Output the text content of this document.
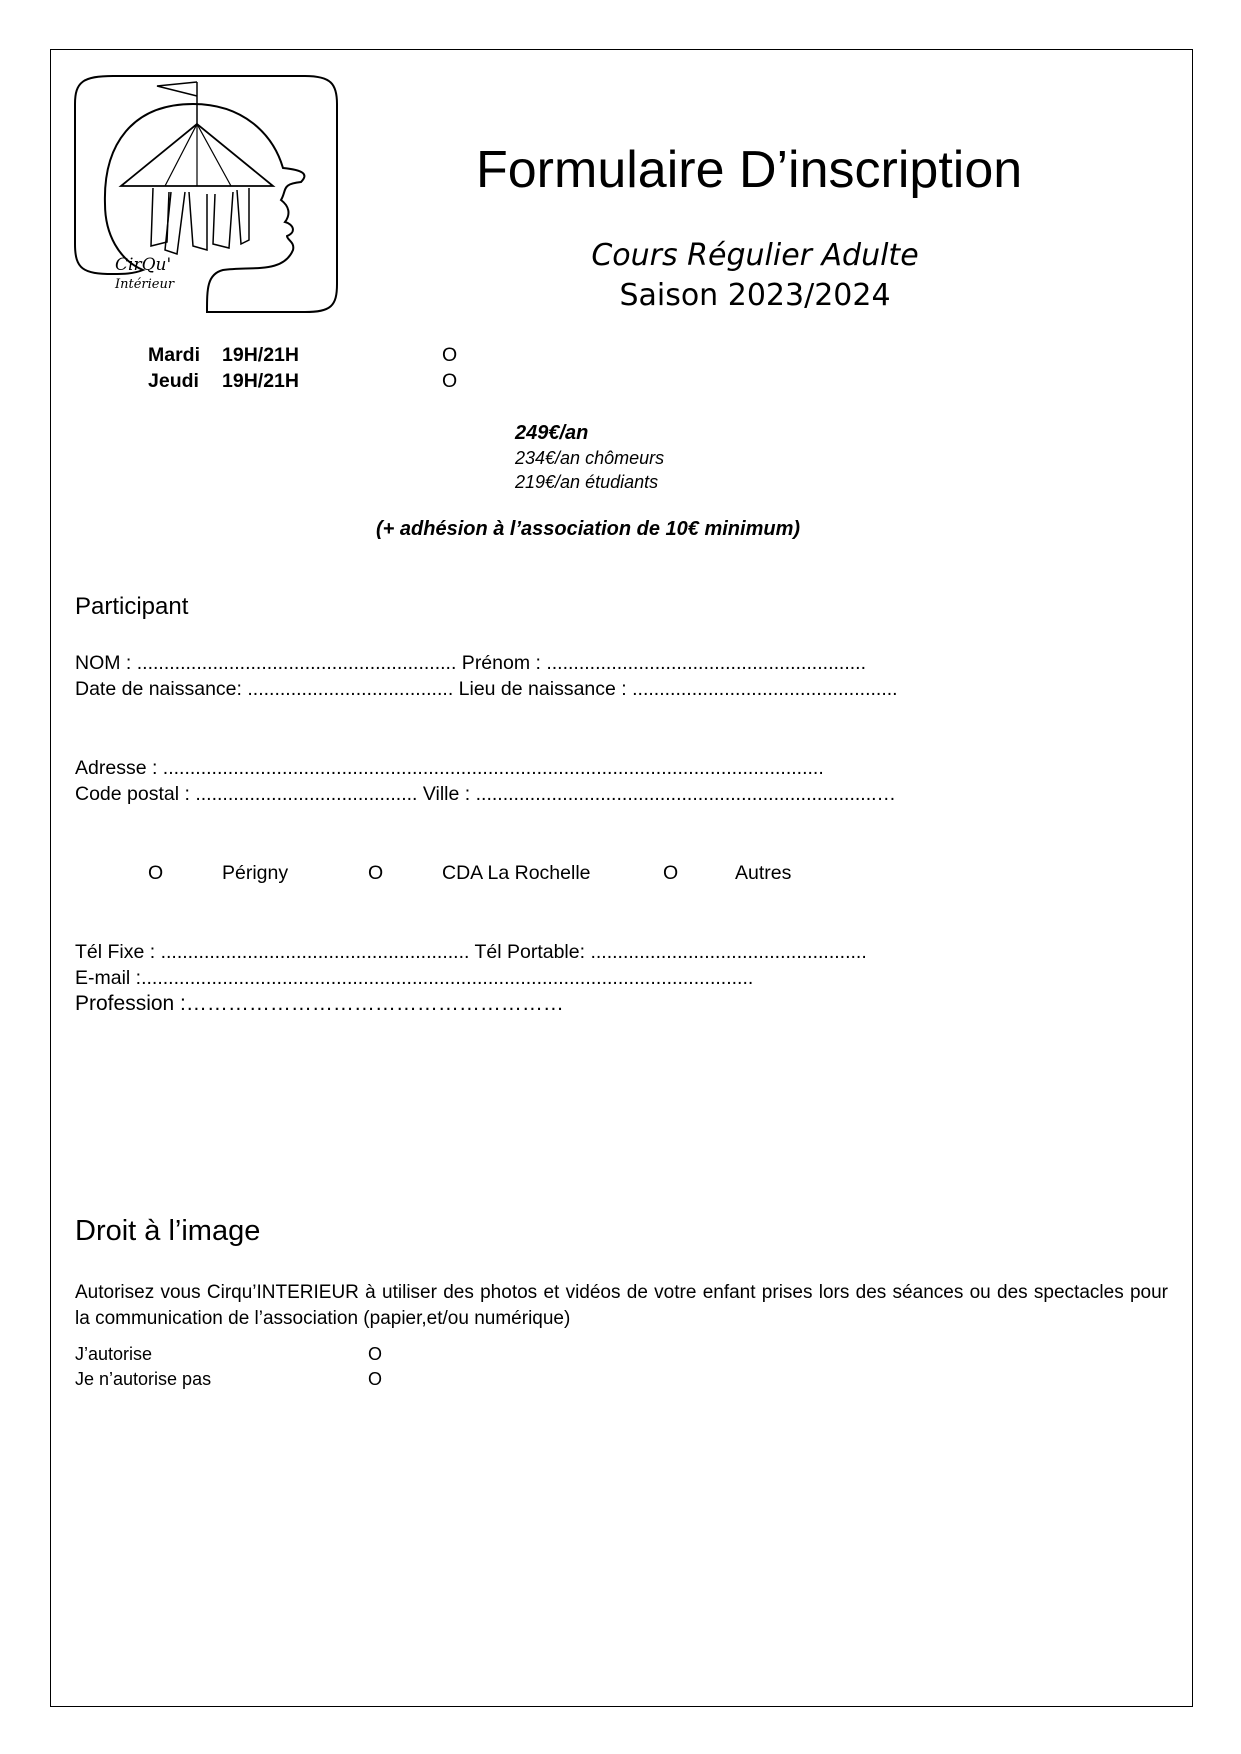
CirQu'
Intérieur
Formulaire D’inscription
Cours Régulier Adulte
Saison 2023/2024
Mardi 19H/21H	O
Jeudi 19H/21H	O
249€/an
234€/an chômeurs
219€/an étudiants
(+ adhésion à l’association de 10€ minimum)
Participant
NOM : ........................................................... Prénom : ...........................................................
Date de naissance: ...................................... Lieu de naissance : .................................................
Adresse : ..........................................................................................................................
Code postal : ......................................... Ville : ..........................................................................…
O	Périgny	O	CDA La Rochelle	O	Autres
Tél Fixe : ......................................................... Tél Portable: ...................................................
E-mail :.................................................................................................................
Profession :………………………………………………
Droit à l’image
Autorisez vous Cirqu’INTERIEUR à utiliser des photos et vidéos de votre enfant prises lors des séances ou des spectacles pour la communication de l’association (papier,et/ou numérique)
J’autorise	O
Je n’autorise pas	O
